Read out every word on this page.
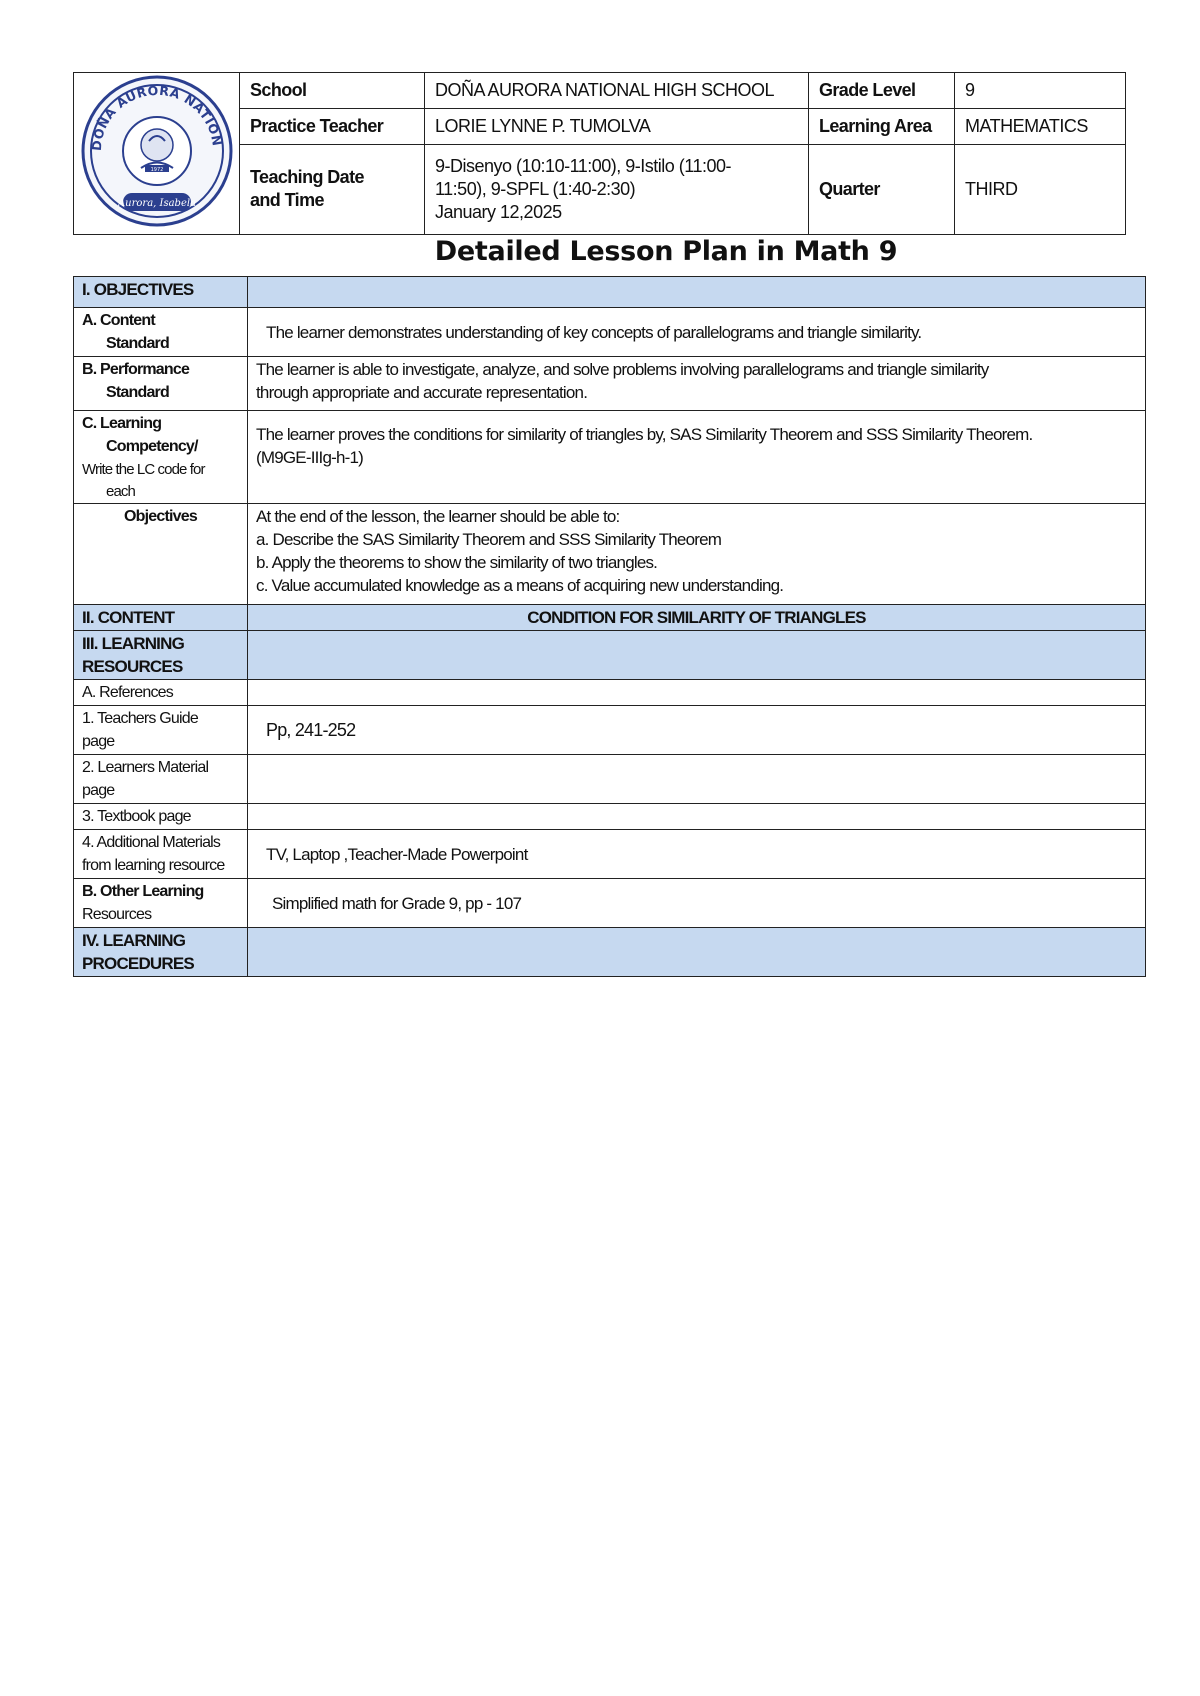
DOÑA AURORA NATION
1972
Aurora, Isabela	School	DOÑA AURORA NATIONAL HIGH SCHOOL	Grade Level	9
	Practice Teacher	LORIE LYNNE P. TUMOLVA	Learning Area	MATHEMATICS
	Teaching Date
and Time	9-Disenyo (10:10-11:00), 9-Istilo (11:00-
11:50), 9-SPFL (1:40-2:30)
January 12,2025	Quarter	THIRD
Detailed Lesson Plan in Math 9
I. OBJECTIVES	
A. Content

Standard	The learner demonstrates understanding of key concepts of parallelograms and triangle similarity.
B. Performance

Standard	The learner is able to investigate, analyze, and solve problems involving parallelograms and triangle similarity
through appropriate and accurate representation.
C. Learning

Competency/
Write the LC code for

each	The learner proves the conditions for similarity of triangles by, SAS Similarity Theorem and SSS Similarity Theorem.
(M9GE-IIIg-h-1)
Objectives	At the end of the lesson, the learner should be able to:
a. Describe the SAS Similarity Theorem and SSS Similarity Theorem
b. Apply the theorems to show the similarity of two triangles.
c. Value accumulated knowledge as a means of acquiring new understanding.
II. CONTENT	CONDITION FOR SIMILARITY OF TRIANGLES
III. LEARNING
RESOURCES	
A. References	
1. Teachers Guide
page	Pp, 241-252
2. Learners Material
page	
3. Textbook page	
4. Additional Materials
from learning resource	TV, Laptop ,Teacher-Made Powerpoint
B. Other Learning
Resources	Simplified math for Grade 9, pp - 107
IV. LEARNING
PROCEDURES	
